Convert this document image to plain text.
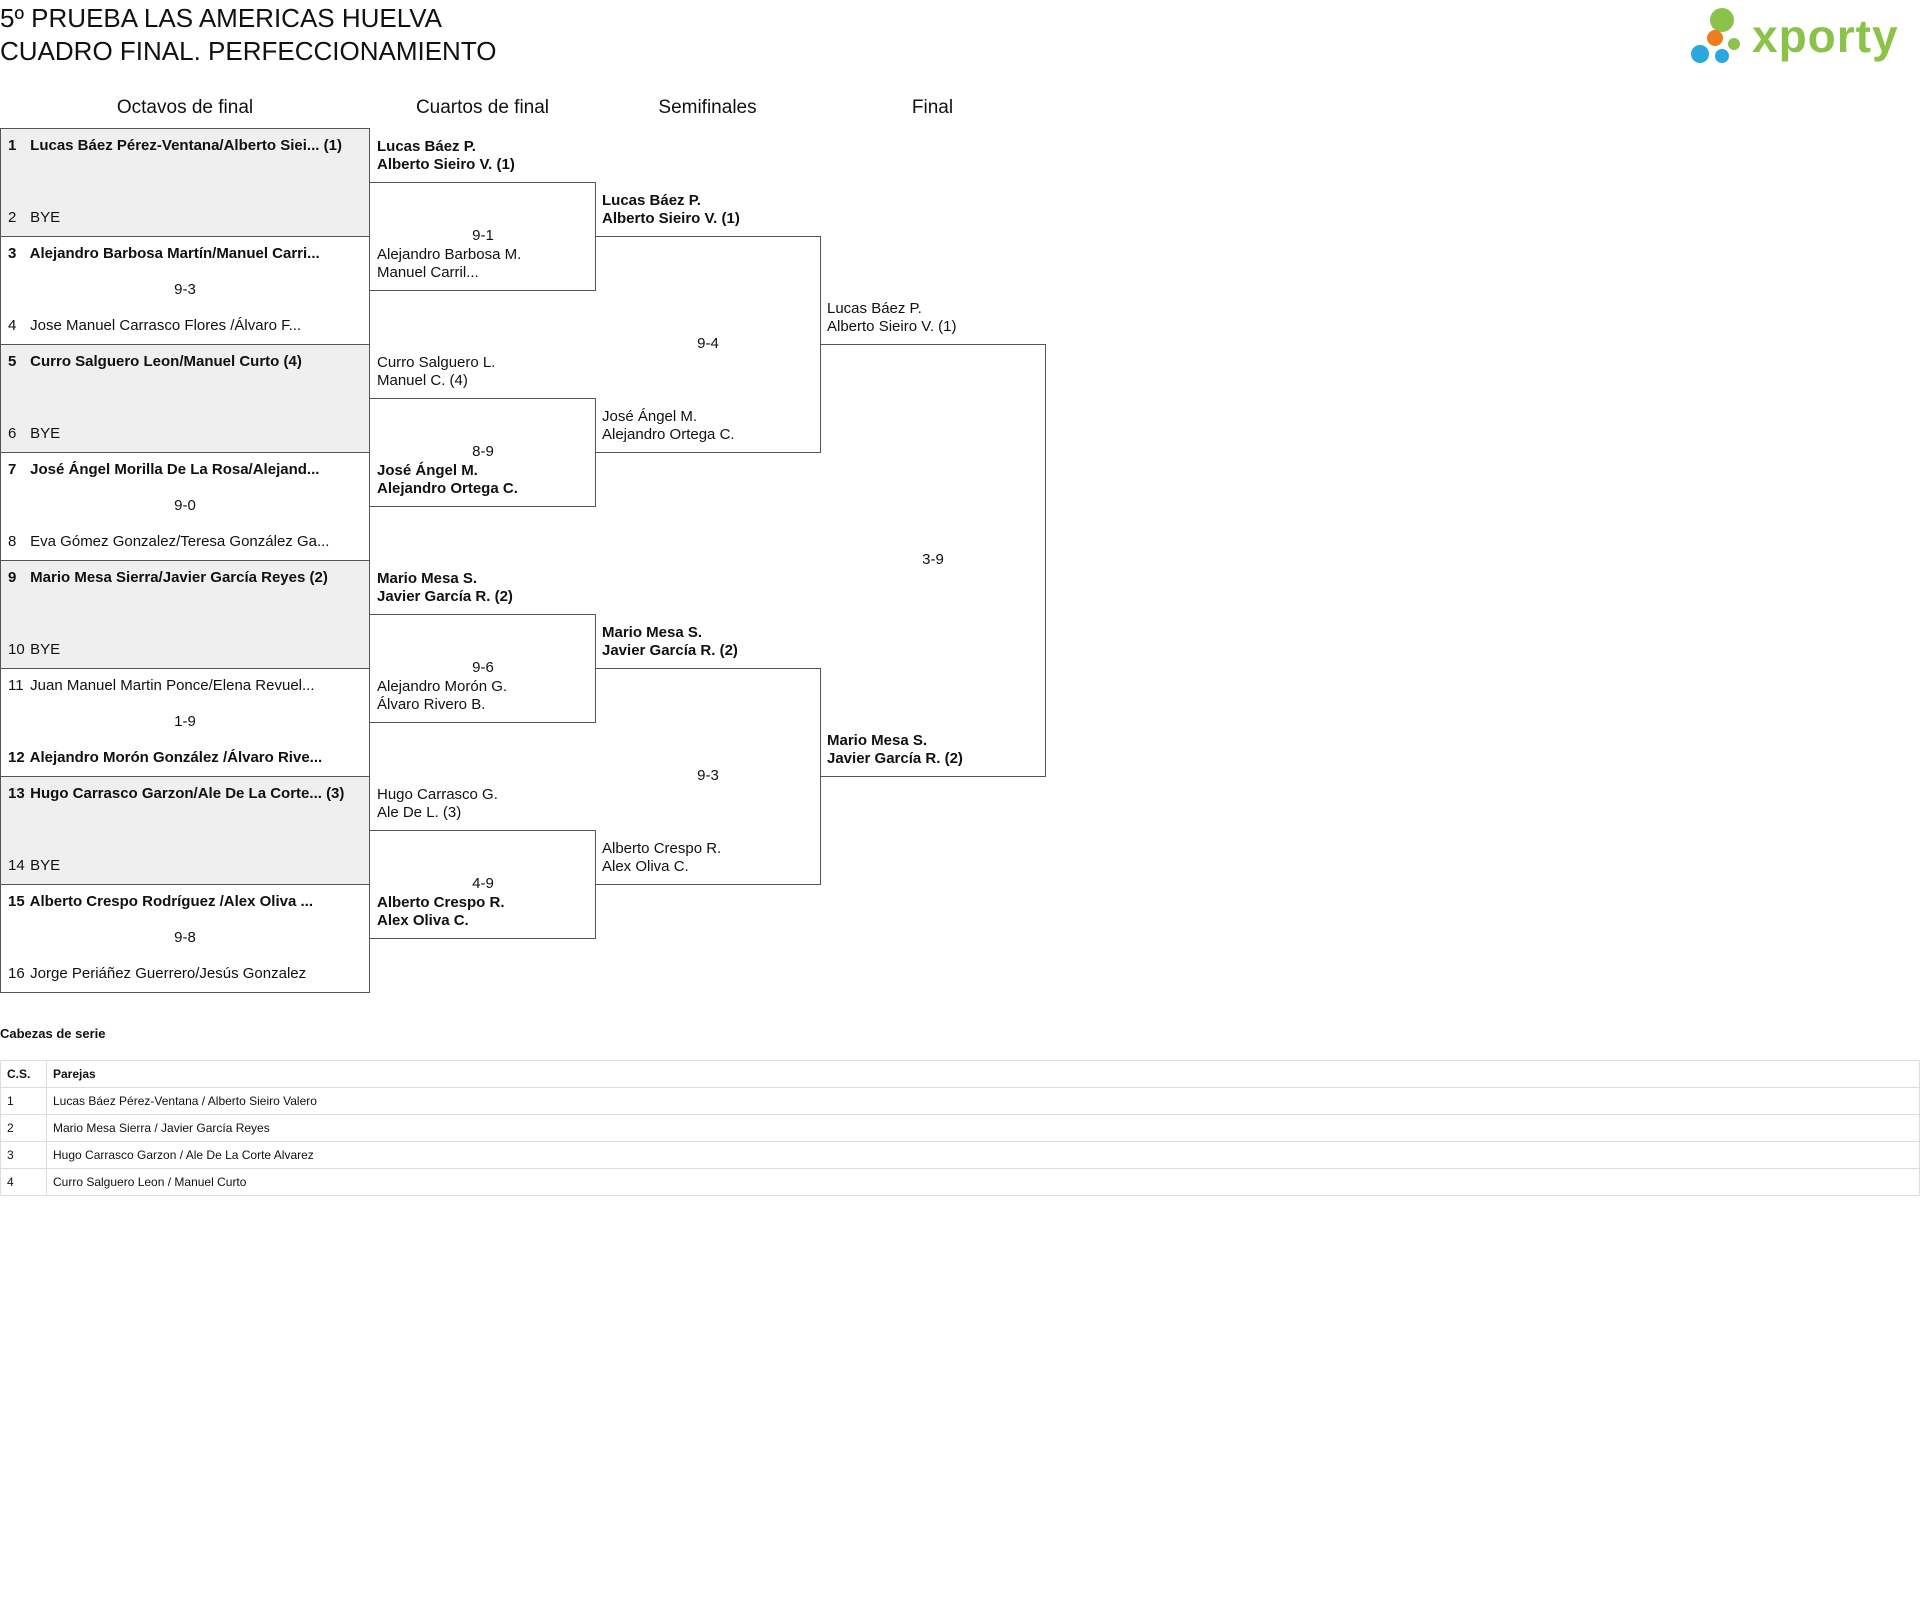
5º PRUEBA LAS AMERICAS HUELVA
CUADRO FINAL. PERFECCIONAMIENTO	xporty
Octavos de final	Cuartos de final	Semifinales	Final
1 Lucas Báez Pérez-Ventana/Alberto Siei... (1)
2 BYE
3 Alejandro Barbosa Martín/Manuel Carri...
9-3
4 Jose Manuel Carrasco Flores /Álvaro F...
5 Curro Salguero Leon/Manuel Curto (4)
6 BYE
7 José Ángel Morilla De La Rosa/Alejand...
9-0
8 Eva Gómez Gonzalez/Teresa González Ga...
9 Mario Mesa Sierra/Javier García Reyes (2)
10 BYE
11 Juan Manuel Martin Ponce/Elena Revuel...
1-9
12 Alejandro Morón González /Álvaro Rive...
13 Hugo Carrasco Garzon/Ale De La Corte... (3)
14 BYE
15 Alberto Crespo Rodríguez /Alex Oliva ...
9-8
16 Jorge Periáñez Guerrero/Jesús Gonzalez
Lucas Báez P.
Alberto Sieiro V. (1)
9-1
Alejandro Barbosa M.
Manuel Carril...
Curro Salguero L.
Manuel C. (4)
8-9
José Ángel M.
Alejandro Ortega C.
Mario Mesa S.
Javier García R. (2)
9-6
Alejandro Morón G.
Álvaro Rivero B.
Hugo Carrasco G.
Ale De L. (3)
4-9
Alberto Crespo R.
Alex Oliva C.
Lucas Báez P.
Alberto Sieiro V. (1)
9-4
José Ángel M.
Alejandro Ortega C.
Mario Mesa S.
Javier García R. (2)
9-3
Alberto Crespo R.
Alex Oliva C.
Lucas Báez P.
Alberto Sieiro V. (1)
3-9
Mario Mesa S.
Javier García R. (2)
Cabezas de serie
C.S.	Parejas
1	Lucas Báez Pérez-Ventana / Alberto Sieiro Valero
2	Mario Mesa Sierra / Javier García Reyes
3	Hugo Carrasco Garzon / Ale De La Corte Alvarez
4	Curro Salguero Leon / Manuel Curto
